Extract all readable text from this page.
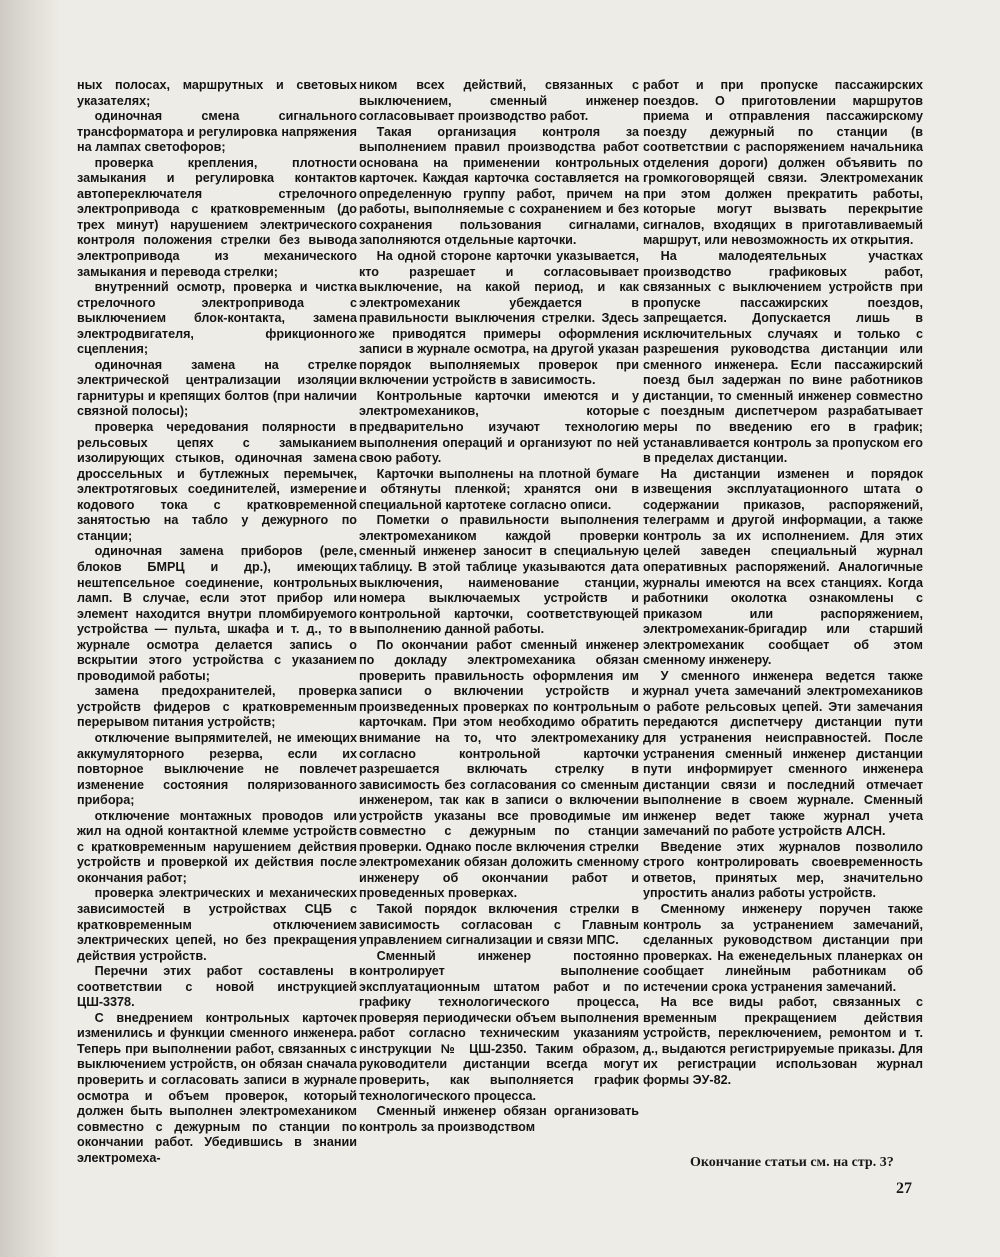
ных полосах, маршрутных и световых указателях;

одиночная смена сигнального трансформатора и регулировка напряжения на лампах светофоров;

проверка крепления, плотности замыкания и регулировка контактов автопереключателя стрелочного электропривода с кратковременным (до трех минут) нарушением электрического контроля положения стрелки без вывода электропривода из механического замыкания и перевода стрелки;

внутренний осмотр, проверка и чистка стрелочного электропривода с выключением блок-контакта, замена электродвигателя, фрикционного сцепления;

одиночная замена на стрелке электрической централизации изоляции гарнитуры и крепящих болтов (при наличии связной полосы);

проверка чередования полярности в рельсовых цепях с замыканием изолирующих стыков, одиночная замена дроссельных и бутлежных перемычек, электротяговых соединителей, измерение кодового тока с кратковременной занятостью на табло у дежурного по станции;

одиночная замена приборов (реле, блоков БМРЦ и др.), имеющих нештепсельное соединение, контрольных ламп. В случае, если этот прибор или элемент находится внутри пломбируемого устройства — пульта, шкафа и т. д., то в журнале осмотра делается запись о вскрытии этого устройства с указанием проводимой работы;

замена предохранителей, проверка устройств фидеров с кратковременным перерывом питания устройств;

отключение выпрямителей, не имеющих аккумуляторного резерва, если их повторное выключение не повлечет изменение состояния поляризованного прибора;

отключение монтажных проводов или жил на одной контактной клемме устройств с кратковременным нарушением действия устройств и проверкой их действия после окончания работ;

проверка электрических и механических зависимостей в устройствах СЦБ с кратковременным отключением электрических цепей, но без прекращения действия устройств.

Перечни этих работ составлены в соответствии с новой инструкцией ЦШ-3378.

С внедрением контрольных карточек изменились и функции сменного инженера. Теперь при выполнении работ, связанных с выключением устройств, он обязан сначала проверить и согласовать записи в журнале осмотра и объем проверок, который должен быть выполнен электромехаником совместно с дежурным по станции по окончании работ. Убедившись в знании электромеха-

ником всех действий, связанных с выключением, сменный инженер согласовывает производство работ.

Такая организация контроля за выполнением правил производства работ основана на применении контрольных карточек. Каждая карточка составляется на определенную группу работ, причем на работы, выполняемые с сохранением и без сохранения пользования сигналами, заполняются отдельные карточки.

На одной стороне карточки указывается, кто разрешает и согласовывает выключение, на какой период, и как электромеханик убеждается в правильности выключения стрелки. Здесь же приводятся примеры оформления записи в журнале осмотра, на другой указан порядок выполняемых проверок при включении устройств в зависимость.

Контрольные карточки имеются и у электромехаников, которые предварительно изучают технологию выполнения операций и организуют по ней свою работу.

Карточки выполнены на плотной бумаге и обтянуты пленкой; хранятся они в специальной картотеке согласно описи.

Пометки о правильности выполнения электромехаником каждой проверки сменный инженер заносит в специальную таблицу. В этой таблице указываются дата выключения, наименование станции, номера выключаемых устройств и контрольной карточки, соответствующей выполнению данной работы.

По окончании работ сменный инженер по докладу электромеханика обязан проверить правильность оформления им записи о включении устройств и произведенных проверках по контрольным карточкам. При этом необходимо обратить внимание на то, что электромеханику согласно контрольной карточки разрешается включать стрелку в зависимость без согласования со сменным инженером, так как в записи о включении устройств указаны все проводимые им совместно с дежурным по станции проверки. Однако после включения стрелки электромеханик обязан доложить сменному инженеру об окончании работ и проведенных проверках.

Такой порядок включения стрелки в зависимость согласован с Главным управлением сигнализации и связи МПС.

Сменный инженер постоянно контролирует выполнение эксплуатационным штатом работ и по графику технологического процесса, проверяя периодически объем выполнения работ согласно техническим указаниям инструкции № ЦШ-2350. Таким образом, руководители дистанции всегда могут проверить, как выполняется график технологического процесса.

Сменный инженер обязан организовать контроль за производством

работ и при пропуске пассажирских поездов. О приготовлении маршрутов приема и отправления пассажирскому поезду дежурный по станции (в соответствии с распоряжением начальника отделения дороги) должен объявить по громкоговорящей связи. Электромеханик при этом должен прекратить работы, которые могут вызвать перекрытие сигналов, входящих в приготавливаемый маршрут, или невозможность их открытия.

На малодеятельных участках производство графиковых работ, связанных с выключением устройств при пропуске пассажирских поездов, запрещается. Допускается лишь в исключительных случаях и только с разрешения руководства дистанции или сменного инженера. Если пассажирский поезд был задержан по вине работников дистанции, то сменный инженер совместно с поездным диспетчером разрабатывает меры по введению его в график; устанавливается контроль за пропуском его в пределах дистанции.

На дистанции изменен и порядок извещения эксплуатационного штата о содержании приказов, распоряжений, телеграмм и другой информации, а также контроль за их исполнением. Для этих целей заведен специальный журнал оперативных распоряжений. Аналогичные журналы имеются на всех станциях. Когда работники околотка ознакомлены с приказом или распоряжением, электромеханик-бригадир или старший электромеханик сообщает об этом сменному инженеру.

У сменного инженера ведется также журнал учета замечаний электромехаников о работе рельсовых цепей. Эти замечания передаются диспетчеру дистанции пути для устранения неисправностей. После устранения сменный инженер дистанции пути информирует сменного инженера дистанции связи и последний отмечает выполнение в своем журнале. Сменный инженер ведет также журнал учета замечаний по работе устройств АЛСН.

Введение этих журналов позволило строго контролировать своевременность ответов, принятых мер, значительно упростить анализ работы устройств.

Сменному инженеру поручен также контроль за устранением замечаний, сделанных руководством дистанции при проверках. На еженедельных планерках он сообщает линейным работникам об истечении срока устранения замечаний.

На все виды работ, связанных с временным прекращением действия устройств, переключением, ремонтом и т. д., выдаются регистрируемые приказы. Для их регистрации использован журнал формы ЭУ-82.

Окончание статьи см. на стр. 3?
27
